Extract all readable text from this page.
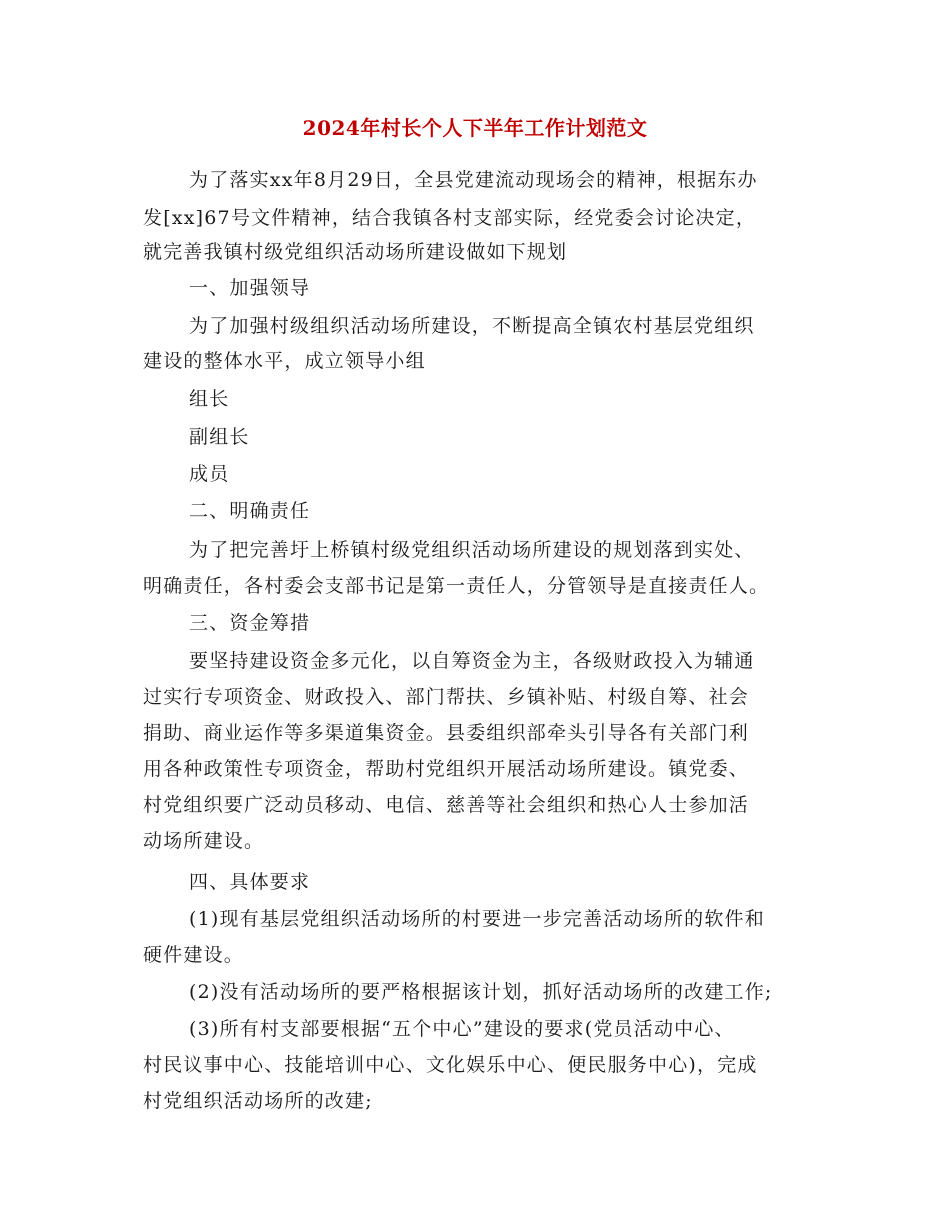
2024年村长个人下半年工作计划范文

为了落实xx年8月29日，全县党建流动现场会的精神，根据东办

发[xx]67号文件精神，结合我镇各村支部实际，经党委会讨论决定，

就完善我镇村级党组织活动场所建设做如下规划

一、加强领导

为了加强村级组织活动场所建设，不断提高全镇农村基层党组织

建设的整体水平，成立领导小组

组长

副组长

成员

二、明确责任

为了把完善圩上桥镇村级党组织活动场所建设的规划落到实处、

明确责任，各村委会支部书记是第一责任人，分管领导是直接责任人。

三、资金筹措

要坚持建设资金多元化，以自筹资金为主，各级财政投入为辅通

过实行专项资金、财政投入、部门帮扶、乡镇补贴、村级自筹、社会

捐助、商业运作等多渠道集资金。县委组织部牵头引导各有关部门利

用各种政策性专项资金，帮助村党组织开展活动场所建设。镇党委、

村党组织要广泛动员移动、电信、慈善等社会组织和热心人士参加活

动场所建设。

四、具体要求

(1)现有基层党组织活动场所的村要进一步完善活动场所的软件和

硬件建设。

(2)没有活动场所的要严格根据该计划，抓好活动场所的改建工作;

(3)所有村支部要根据“五个中心”建设的要求(党员活动中心、

村民议事中心、技能培训中心、文化娱乐中心、便民服务中心)，完成

村党组织活动场所的改建;
